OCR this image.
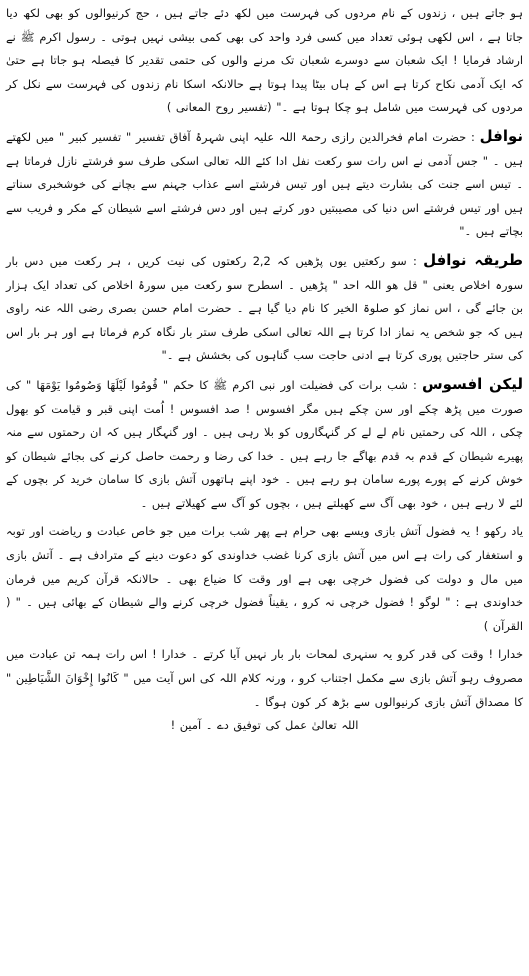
ہو جاتے ہیں ، زندوں کے نام مردوں کی فہرست میں لکھ دئے جاتے ہیں ، حج کرنیوالوں کو بھی لکھ دیا جاتا ہے ، اس لکھی ہوئی تعداد میں کسی فرد واحد کی بھی کمی بیشی نہیں ہوتی ۔ رسول اکرم ﷺ نے ارشاد فرمایا ! ایک شعبان سے دوسرے شعبان تک مرنے والوں کی حتمی تقدیر کا فیصلہ ہو جاتا ہے حتیٰ کہ ایک آدمی نکاح کرتا ہے اس کے ہاں بیٹا پیدا ہوتا ہے حالانکہ اسکا نام زندوں کی فہرست سے نکل کر مردوں کی فہرست میں شامل ہو چکا ہوتا ہے ۔" (تفسیر روح المعانی )

نوافل : حضرت امام فخرالدین رازی رحمۃ اللہ علیہ اپنی شہرۂ آفاق تفسیر " تفسیر کبیر " میں لکھتے ہیں ۔ " جس آدمی نے اس رات سو رکعت نفل ادا کئے اللہ تعالی اسکی طرف سو فرشتے نازل فرماتا ہے ۔ تیس اسے جنت کی بشارت دیتے ہیں اور تیس فرشتے اسے عذاب جہنم سے بچانے کی خوشخبری سناتے ہیں اور تیس فرشتے اس دنیا کی مصیبتیں دور کرتے ہیں اور دس فرشتے اسے شیطان کے مکر و فریب سے بچاتے ہیں ۔"

طریقہ نوافل : سو رکعتیں یوں پڑھیں کہ 2,2 رکعتوں کی نیت کریں ، ہر رکعت میں دس بار سورہ اخلاص یعنی " قل ھو اللہ احد " پڑھیں ۔ اسطرح سو رکعت میں سورۂ اخلاص کی تعداد ایک ہزار بن جائے گی ، اس نماز کو صلوۃ الخیر کا نام دیا گیا ہے ۔ حضرت امام حسن بصری رضی اللہ عنہ راوی ہیں کہ جو شخص یہ نماز ادا کرتا ہے اللہ تعالی اسکی طرف ستر بار نگاہ کرم فرماتا ہے اور ہر بار اس کی ستر حاجتیں پوری کرتا ہے ادنی حاجت سب گناہوں کی بخشش ہے ۔"

لیکن افسوس : شب برات کی فضیلت اور نبی اکرم ﷺ کا حکم " قُومُوا لَيْلَهَا وَصُومُوا يَوْمَهَا " کی صورت میں پڑھ چکے اور سن چکے ہیں مگر افسوس ! صد افسوس ! اُمت اپنی قبر و قیامت کو بھول چکی ، اللہ کی رحمتیں نام لے لے کر گنہگاروں کو بلا رہی ہیں ۔ اور گنہگار ہیں کہ ان رحمتوں سے منہ پھیرے شیطان کے قدم بہ قدم بھاگے جا رہے ہیں ۔ خدا کی رضا و رحمت حاصل کرنے کی بجائے شیطان کو خوش کرنے کے پورے پورے سامان ہو رہے ہیں ۔ خود اپنے ہاتھوں آتش بازی کا سامان خرید کر بچوں کے لئے لا رہے ہیں ، خود بھی آگ سے کھیلتے ہیں ، بچوں کو آگ سے کھیلاتے ہیں ۔

یاد رکھو ! یہ فضول آتش بازی ویسے بھی حرام ہے پھر شب برات میں جو خاص عبادت و ریاضت اور توبہ و استغفار کی رات ہے اس میں آتش بازی کرنا غضب خداوندی کو دعوت دینے کے مترادف ہے ۔ آتش بازی میں مال و دولت کی فضول خرچی بھی ہے اور وقت کا ضیاع بھی ۔ حالانکہ قرآن کریم میں فرمان خداوندی ہے : " لوگو ! فضول خرچی نہ کرو ، یقیناً فضول خرچی کرنے والے شیطان کے بھائی ہیں ۔ " ( القرآن )

خدارا ! وقت کی قدر کرو یہ سنہری لمحات بار بار نہیں آیا کرتے ۔ خدارا ! اس رات ہمہ تن عبادت میں مصروف رہو آتش بازی سے مکمل اجتناب کرو ، ورنہ کلام اللہ کی اس آیت میں " كَانُوا إِخْوَانَ الشَّيَاطِين " کا مصداق آتش بازی کرنیوالوں سے بڑھ کر کون ہوگا ۔

اللہ تعالیٰ عمل کی توفیق دے ۔ آمین !
